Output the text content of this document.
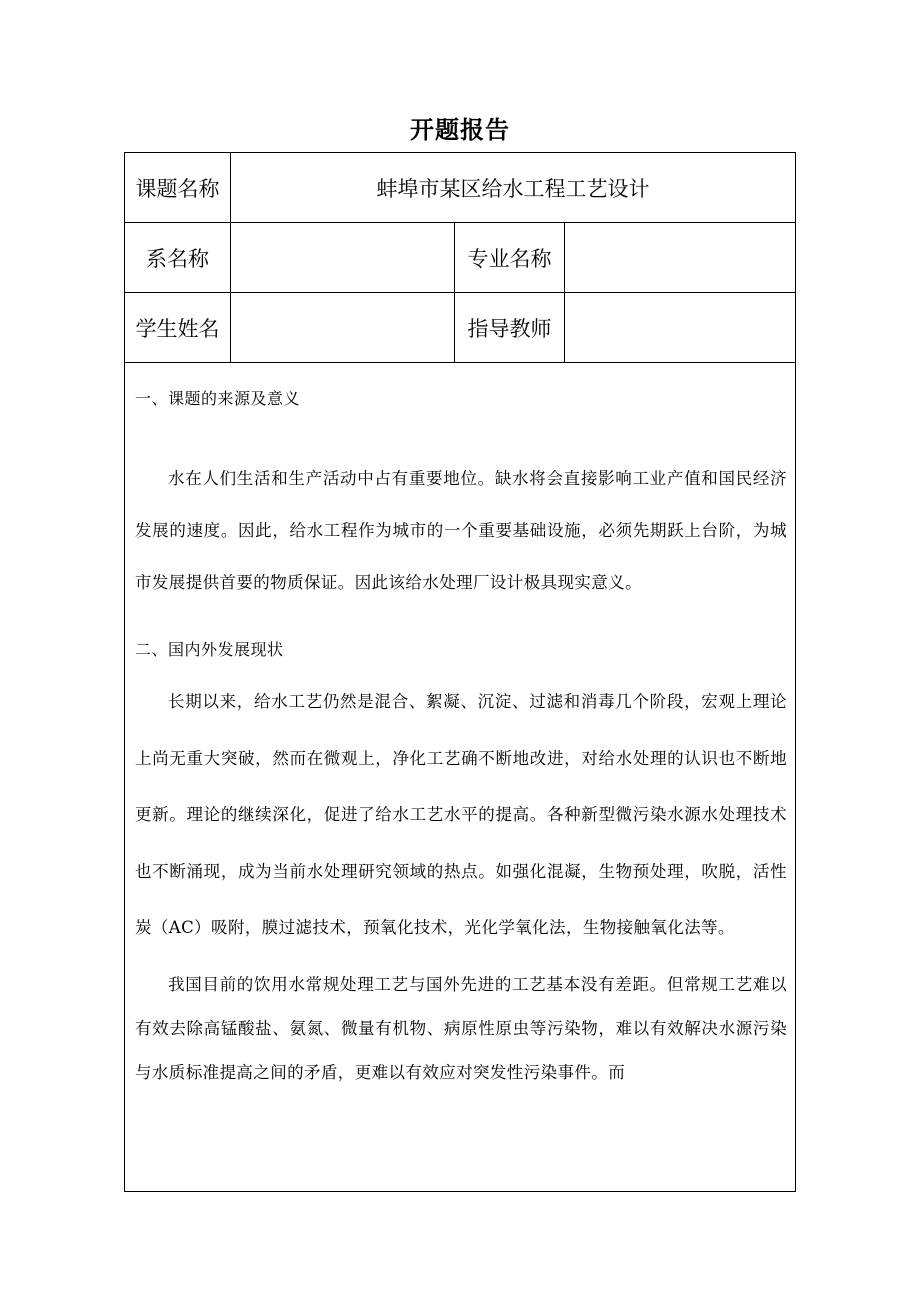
开题报告
课题名称	蚌埠市某区给水工程工艺设计
系名称	专业名称
学生姓名	指导教师
一、课题的来源及意义
水在人们生活和生产活动中占有重要地位。缺水将会直接影响工业产值和国民经济发展的速度。因此，给水工程作为城市的一个重要基础设施，必须先期跃上台阶，为城市发展提供首要的物质保证。因此该给水处理厂设计极具现实意义。
二、国内外发展现状
长期以来，给水工艺仍然是混合、絮凝、沉淀、过滤和消毒几个阶段，宏观上理论上尚无重大突破，然而在微观上，净化工艺确不断地改进，对给水处理的认识也不断地更新。理论的继续深化，促进了给水工艺水平的提高。各种新型微污染水源水处理技术也不断涌现，成为当前水处理研究领域的热点。如强化混凝，生物预处理，吹脱，活性炭（AC）吸附，膜过滤技术，预氧化技术，光化学氧化法，生物接触氧化法等。
我国目前的饮用水常规处理工艺与国外先进的工艺基本没有差距。但常规工艺难以有效去除高锰酸盐、氨氮、微量有机物、病原性原虫等污染物，难以有效解决水源污染与水质标准提高之间的矛盾，更难以有效应对突发性污染事件。而
